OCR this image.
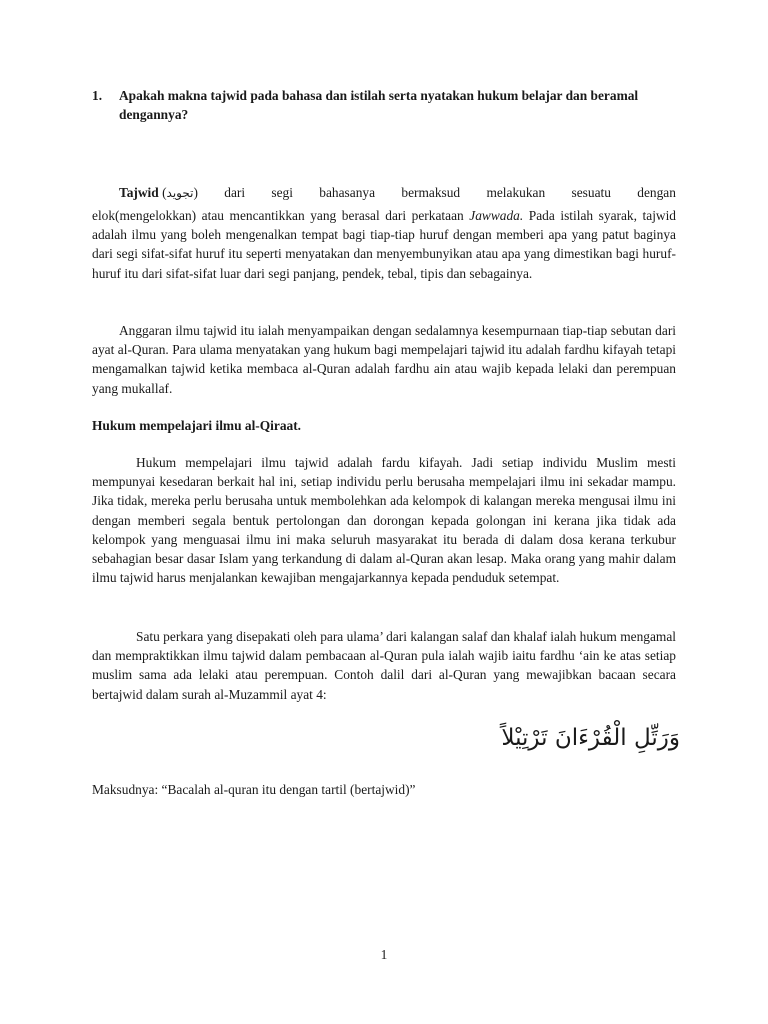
1. Apakah makna tajwid pada bahasa dan istilah serta nyatakan hukum belajar dan beramal dengannya?
Tajwid (تجويد) dari segi bahasanya bermaksud melakukan sesuatu dengan
elok(mengelokkan) atau mencantikkan yang berasal dari perkataan Jawwada. Pada istilah syarak, tajwid adalah ilmu yang boleh mengenalkan tempat bagi tiap-tiap huruf dengan memberi apa yang patut baginya dari segi sifat-sifat huruf itu seperti menyatakan dan menyembunyikan atau apa yang dimestikan bagi huruf-huruf itu dari sifat-sifat luar dari segi panjang, pendek, tebal, tipis dan sebagainya.
Anggaran ilmu tajwid itu ialah menyampaikan dengan sedalamnya kesempurnaan tiap-tiap sebutan dari ayat al-Quran. Para ulama menyatakan yang hukum bagi mempelajari tajwid itu adalah fardhu kifayah tetapi mengamalkan tajwid ketika membaca al-Quran adalah fardhu ain atau wajib kepada lelaki dan perempuan yang mukallaf.
Hukum mempelajari ilmu al-Qiraat.
Hukum mempelajari ilmu tajwid adalah fardu kifayah. Jadi setiap individu Muslim mesti mempunyai kesedaran berkait hal ini, setiap individu perlu berusaha mempelajari ilmu ini sekadar mampu. Jika tidak, mereka perlu berusaha untuk membolehkan ada kelompok di kalangan mereka mengusai ilmu ini dengan memberi segala bentuk pertolongan dan dorongan kepada golongan ini kerana jika tidak ada kelompok yang menguasai ilmu ini maka seluruh masyarakat itu berada di dalam dosa kerana terkubur sebahagian besar dasar Islam yang terkandung di dalam al-Quran akan lesap. Maka orang yang mahir dalam ilmu tajwid harus menjalankan kewajiban mengajarkannya kepada penduduk setempat.
Satu perkara yang disepakati oleh para ulama’ dari kalangan salaf dan khalaf ialah hukum mengamal dan mempraktikkan ilmu tajwid dalam pembacaan al-Quran pula ialah wajib iaitu fardhu ‘ain ke atas setiap muslim sama ada lelaki atau perempuan. Contoh dalil dari al-Quran yang mewajibkan bacaan secara bertajwid dalam surah al-Muzammil ayat 4:
وَرَتِّلِ الْقُرْءَانَ تَرْتِيْلاً
Maksudnya: “Bacalah al-quran itu dengan tartil (bertajwid)”
1
